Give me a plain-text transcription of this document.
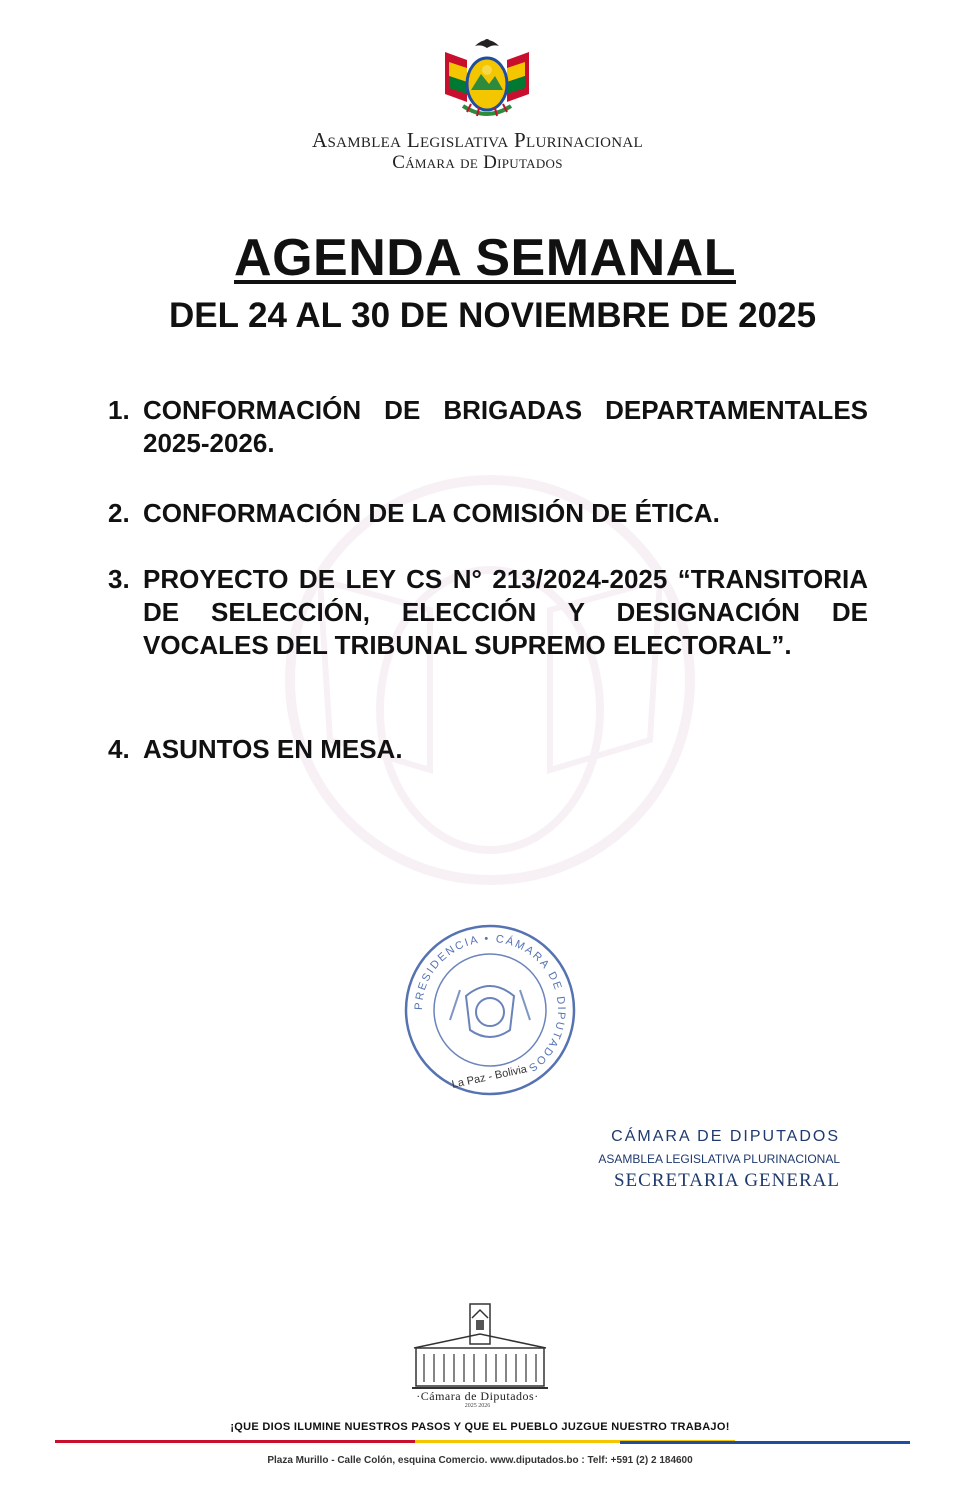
Asamblea Legislativa Plurinacional
Cámara de Diputados
AGENDA SEMANAL
DEL 24 AL 30 DE NOVIEMBRE DE 2025
1. CONFORMACIÓN DE BRIGADAS DEPARTAMENTALES 2025-2026.
2. CONFORMACIÓN DE LA COMISIÓN DE ÉTICA.
3. PROYECTO DE LEY CS N° 213/2024-2025 “TRANSITORIA DE SELECCIÓN, ELECCIÓN Y DESIGNACIÓN DE VOCALES DEL TRIBUNAL SUPREMO ELECTORAL”.
4. ASUNTOS EN MESA.
PRESIDENCIA • CÁMARA DE DIPUTADOS
La Paz - Bolivia
CÁMARA DE DIPUTADOS
ASAMBLEA LEGISLATIVA PLURINACIONAL
SECRETARIA GENERAL
·Cámara de Diputados·
2025 2026
¡QUE DIOS ILUMINE NUESTROS PASOS Y QUE EL PUEBLO JUZGUE NUESTRO TRABAJO!
Plaza Murillo - Calle Colón, esquina Comercio. www.diputados.bo : Telf: +591 (2) 2 184600
